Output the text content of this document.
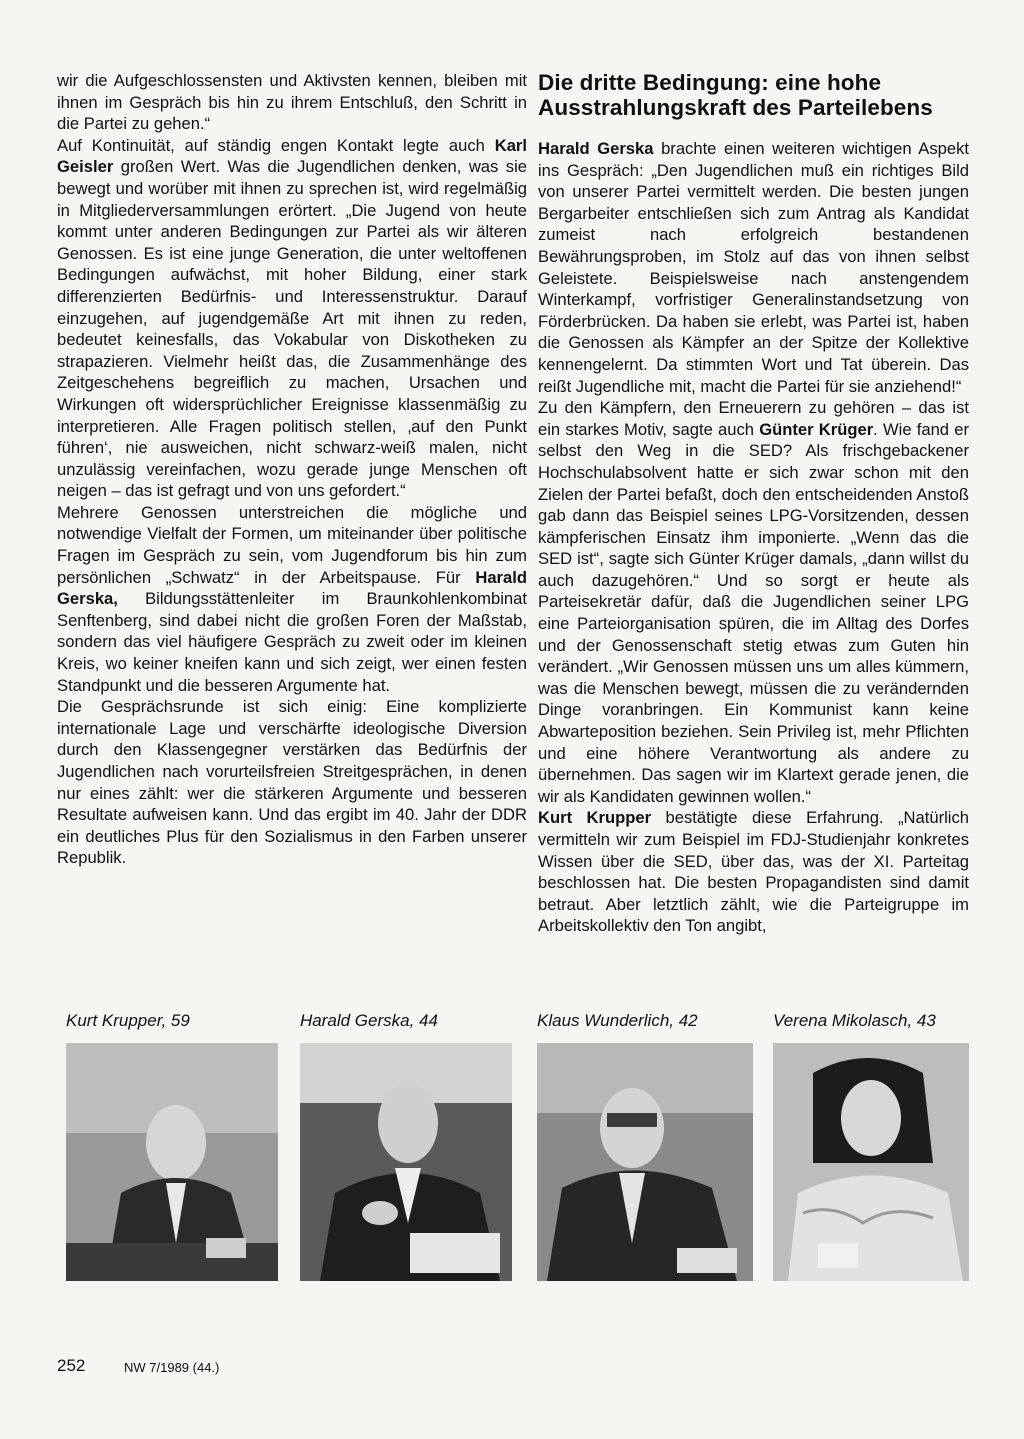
wir die Aufgeschlossensten und Aktivsten kennen, bleiben mit ihnen im Gespräch bis hin zu ihrem Entschluß, den Schritt in die Partei zu gehen.“

Auf Kontinuität, auf ständig engen Kontakt legte auch Karl Geisler großen Wert. Was die Jugendlichen denken, was sie bewegt und worüber mit ihnen zu sprechen ist, wird regelmäßig in Mitgliederversammlungen erörtert. „Die Jugend von heute kommt unter anderen Bedingungen zur Partei als wir älteren Genossen. Es ist eine junge Generation, die unter weltoffenen Bedingungen aufwächst, mit hoher Bildung, einer stark differenzierten Bedürfnis- und Interessenstruktur. Darauf einzugehen, auf jugendgemäße Art mit ihnen zu reden, bedeutet keinesfalls, das Vokabular von Diskotheken zu strapazieren. Vielmehr heißt das, die Zusammenhänge des Zeitgeschehens begreiflich zu machen, Ursachen und Wirkungen oft widersprüchlicher Ereignisse klassenmäßig zu interpretieren. Alle Fragen politisch stellen, ‚auf den Punkt führen‘, nie ausweichen, nicht schwarz-weiß malen, nicht unzulässig vereinfachen, wozu gerade junge Menschen oft neigen – das ist gefragt und von uns gefordert.“

Mehrere Genossen unterstreichen die mögliche und notwendige Vielfalt der Formen, um miteinander über politische Fragen im Gespräch zu sein, vom Jugendforum bis hin zum persönlichen „Schwatz“ in der Arbeitspause. Für Harald Gerska, Bildungsstättenleiter im Braunkohlenkombinat Senftenberg, sind dabei nicht die großen Foren der Maßstab, sondern das viel häufigere Gespräch zu zweit oder im kleinen Kreis, wo keiner kneifen kann und sich zeigt, wer einen festen Standpunkt und die besseren Argumente hat.

Die Gesprächsrunde ist sich einig: Eine komplizierte internationale Lage und verschärfte ideologische Diversion durch den Klassengegner verstärken das Bedürfnis der Jugendlichen nach vorurteilsfreien Streitgesprächen, in denen nur eines zählt: wer die stärkeren Argumente und besseren Resultate aufweisen kann. Und das ergibt im 40. Jahr der DDR ein deutliches Plus für den Sozialismus in den Farben unserer Republik.

Die dritte Bedingung: eine hohe Ausstrahlungskraft des Parteilebens

Harald Gerska brachte einen weiteren wichtigen Aspekt ins Gespräch: „Den Jugendlichen muß ein richtiges Bild von unserer Partei vermittelt werden. Die besten jungen Bergarbeiter entschließen sich zum Antrag als Kandidat zumeist nach erfolgreich bestandenen Bewährungsproben, im Stolz auf das von ihnen selbst Geleistete. Beispielsweise nach anstengendem Winterkampf, vorfristiger Generalinstandsetzung von Förderbrücken. Da haben sie erlebt, was Partei ist, haben die Genossen als Kämpfer an der Spitze der Kollektive kennengelernt. Da stimmten Wort und Tat überein. Das reißt Jugendliche mit, macht die Partei für sie anziehend!“

Zu den Kämpfern, den Erneuerern zu gehören – das ist ein starkes Motiv, sagte auch Günter Krüger. Wie fand er selbst den Weg in die SED? Als frischgebackener Hochschulabsolvent hatte er sich zwar schon mit den Zielen der Partei befaßt, doch den entscheidenden Anstoß gab dann das Beispiel seines LPG-Vorsitzenden, dessen kämpferischen Einsatz ihm imponierte. „Wenn das die SED ist“, sagte sich Günter Krüger damals, „dann willst du auch dazugehören.“ Und so sorgt er heute als Parteisekretär dafür, daß die Jugendlichen seiner LPG eine Parteiorganisation spüren, die im Alltag des Dorfes und der Genossenschaft stetig etwas zum Guten hin verändert. „Wir Genossen müssen uns um alles kümmern, was die Menschen bewegt, müssen die zu verändernden Dinge voranbringen. Ein Kommunist kann keine Abwarteposition beziehen. Sein Privileg ist, mehr Pflichten und eine höhere Verantwortung als andere zu übernehmen. Das sagen wir im Klartext gerade jenen, die wir als Kandidaten gewinnen wollen.“

Kurt Krupper bestätigte diese Erfahrung. „Natürlich vermitteln wir zum Beispiel im FDJ-Studienjahr konkretes Wissen über die SED, über das, was der XI. Parteitag beschlossen hat. Die besten Propagandisten sind damit betraut. Aber letztlich zählt, wie die Parteigruppe im Arbeitskollektiv den Ton angibt,

Kurt Krupper, 59	Harald Gerska, 44	Klaus Wunderlich, 42	Verena Mikolasch, 43
252	NW 7/1989 (44.)
